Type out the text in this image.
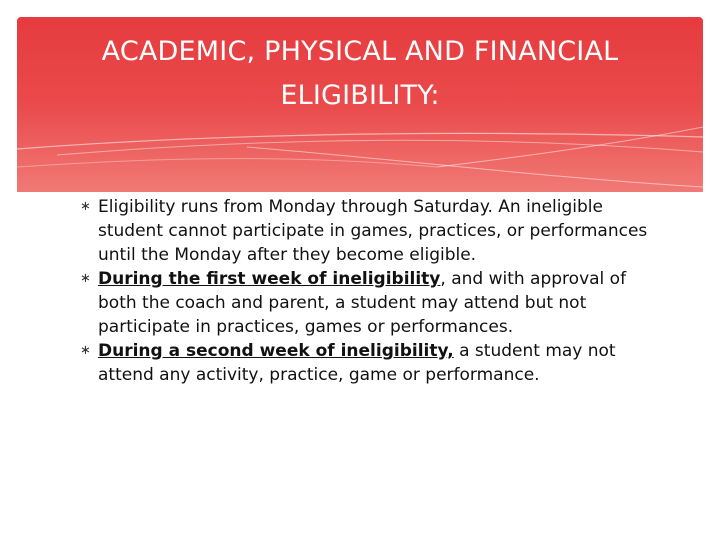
ACADEMIC, PHYSICAL AND FINANCIAL
ELIGIBILITY:
∗ Eligibility runs from Monday through Saturday. An ineligible student cannot participate in games, practices, or performances until the Monday after they become eligible.
∗ During the first week of ineligibility, and with approval of both the coach and parent, a student may attend but not participate in practices, games or performances.
∗ During a second week of ineligibility, a student may not attend any activity, practice, game or performance.
